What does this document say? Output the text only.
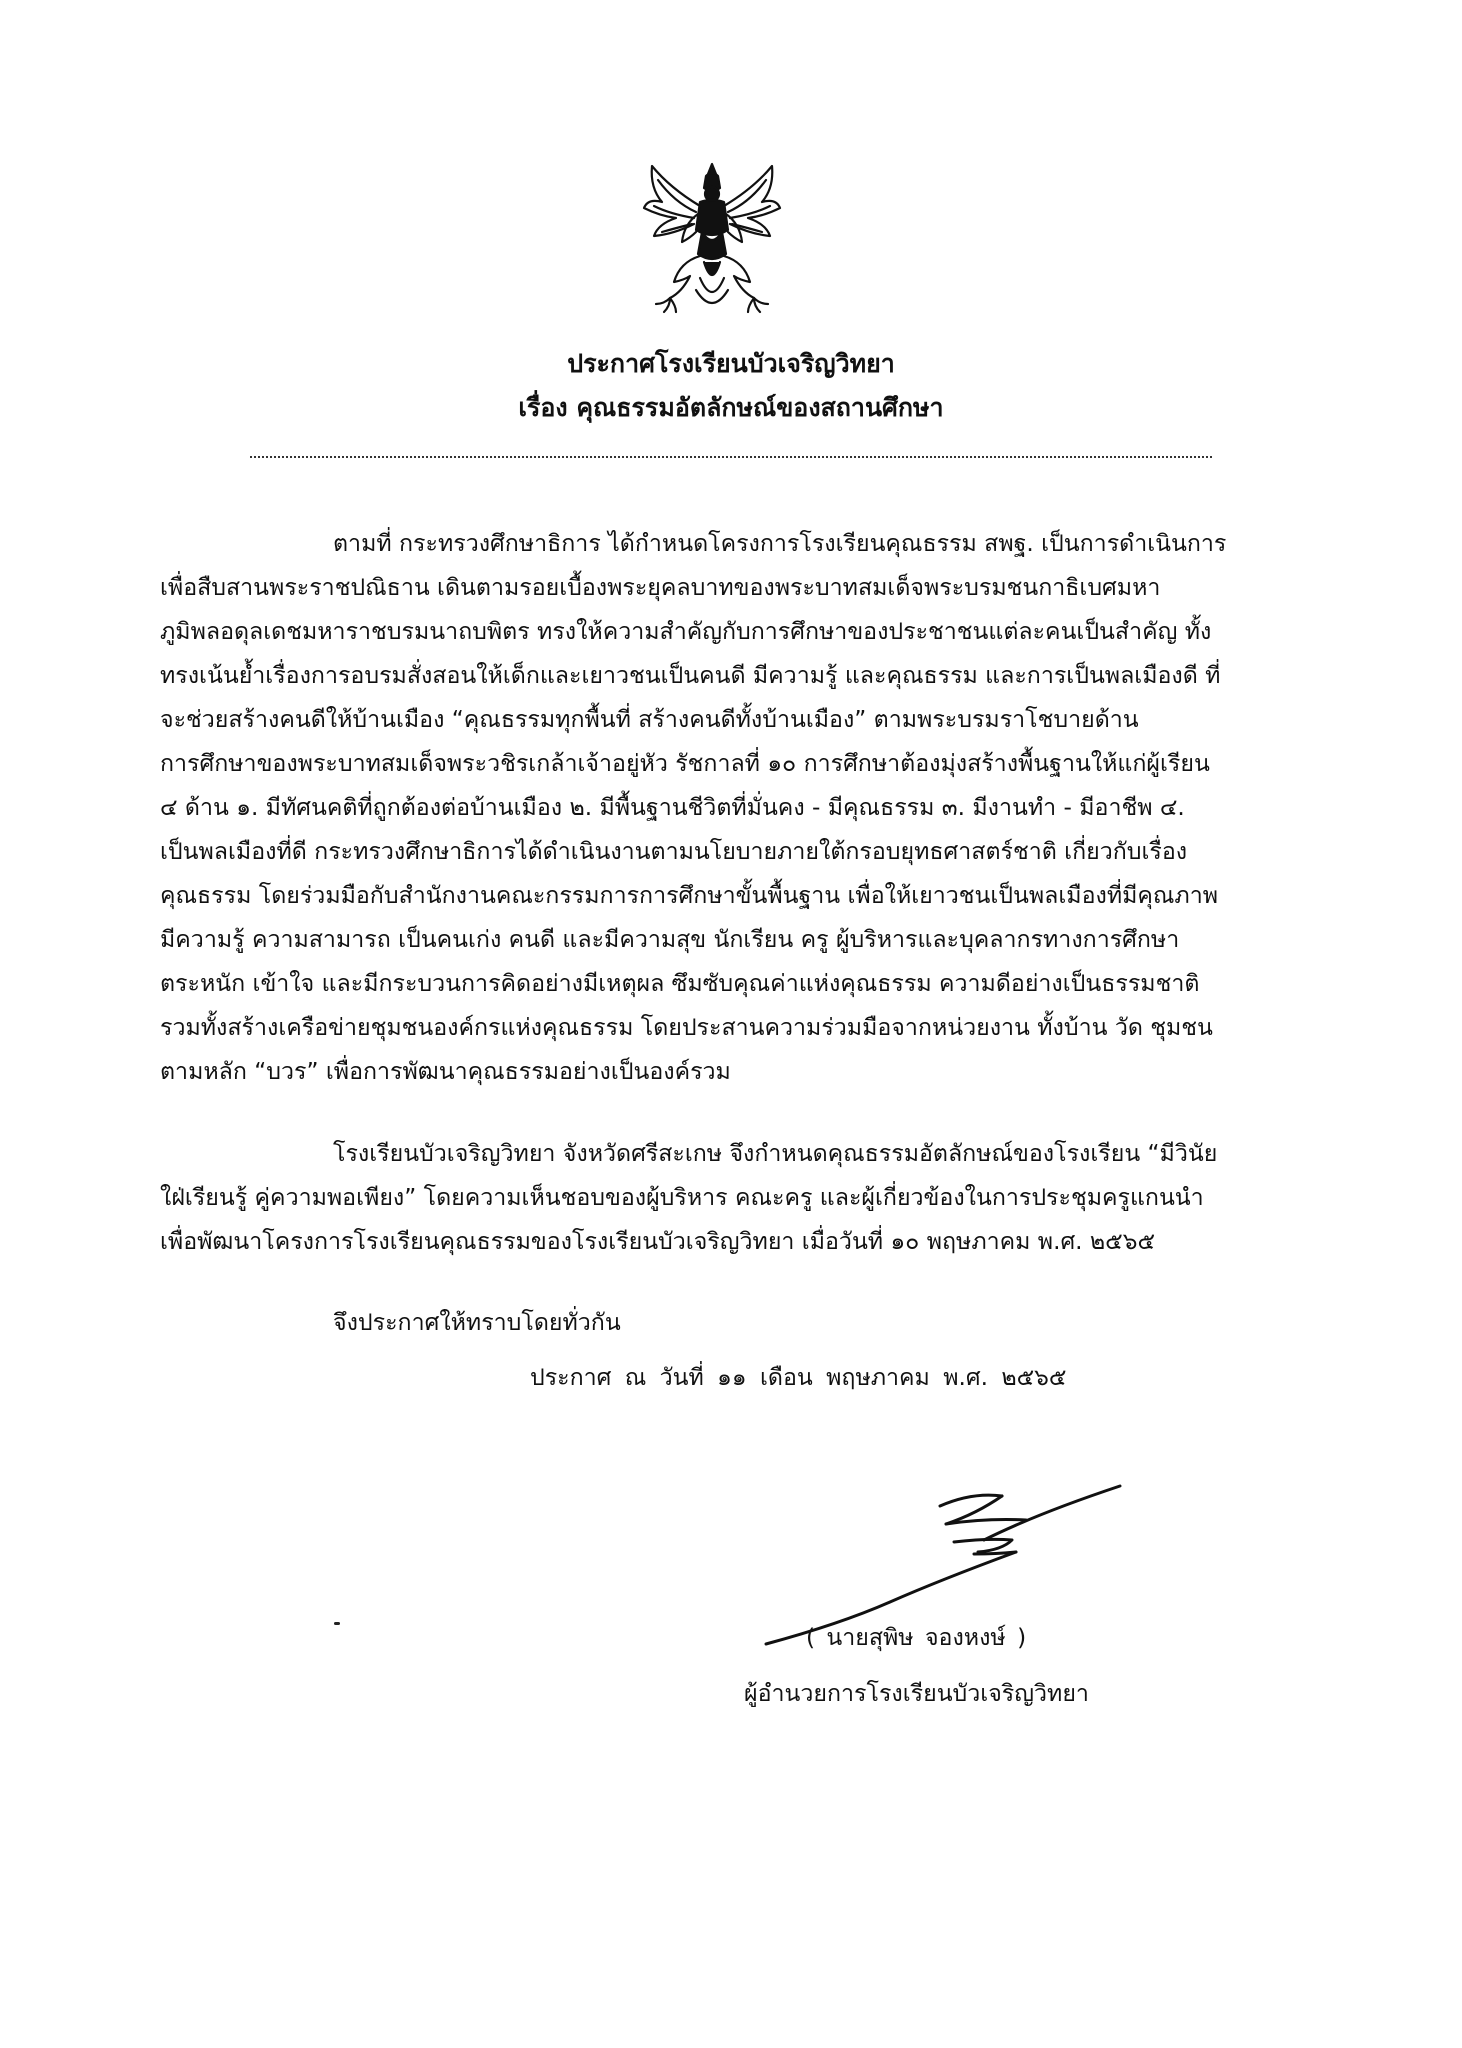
ประกาศโรงเรียนบัวเจริญวิทยา
เรื่อง คุณธรรมอัตลักษณ์ของสถานศึกษา
ตามที่ กระทรวงศึกษาธิการ ได้กำหนดโครงการโรงเรียนคุณธรรม สพฐ. เป็นการดำเนินการ
เพื่อสืบสานพระราชปณิธาน เดินตามรอยเบื้องพระยุคลบาทของพระบาทสมเด็จพระบรมชนกาธิเบศมหา
ภูมิพลอดุลเดชมหาราชบรมนาถบพิตร ทรงให้ความสำคัญกับการศึกษาของประชาชนแต่ละคนเป็นสำคัญ ทั้ง
ทรงเน้นย้ำเรื่องการอบรมสั่งสอนให้เด็กและเยาวชนเป็นคนดี มีความรู้ และคุณธรรม และการเป็นพลเมืองดี ที่
จะช่วยสร้างคนดีให้บ้านเมือง “คุณธรรมทุกพื้นที่ สร้างคนดีทั้งบ้านเมือง” ตามพระบรมราโชบายด้าน
การศึกษาของพระบาทสมเด็จพระวชิรเกล้าเจ้าอยู่หัว รัชกาลที่ ๑๐ การศึกษาต้องมุ่งสร้างพื้นฐานให้แก่ผู้เรียน
๔ ด้าน ๑. มีทัศนคติที่ถูกต้องต่อบ้านเมือง ๒. มีพื้นฐานชีวิตที่มั่นคง - มีคุณธรรม ๓. มีงานทำ - มีอาชีพ ๔.
เป็นพลเมืองที่ดี กระทรวงศึกษาธิการได้ดำเนินงานตามนโยบายภายใต้กรอบยุทธศาสตร์ชาติ เกี่ยวกับเรื่อง
คุณธรรม โดยร่วมมือกับสำนักงานคณะกรรมการการศึกษาขั้นพื้นฐาน เพื่อให้เยาวชนเป็นพลเมืองที่มีคุณภาพ
มีความรู้ ความสามารถ เป็นคนเก่ง คนดี และมีความสุข นักเรียน ครู ผู้บริหารและบุคลากรทางการศึกษา
ตระหนัก เข้าใจ และมีกระบวนการคิดอย่างมีเหตุผล ซึมซับคุณค่าแห่งคุณธรรม ความดีอย่างเป็นธรรมชาติ
รวมทั้งสร้างเครือข่ายชุมชนองค์กรแห่งคุณธรรม โดยประสานความร่วมมือจากหน่วยงาน ทั้งบ้าน วัด ชุมชน
ตามหลัก “บวร” เพื่อการพัฒนาคุณธรรมอย่างเป็นองค์รวม
โรงเรียนบัวเจริญวิทยา จังหวัดศรีสะเกษ จึงกำหนดคุณธรรมอัตลักษณ์ของโรงเรียน “มีวินัย
ใฝ่เรียนรู้ คู่ความพอเพียง” โดยความเห็นชอบของผู้บริหาร คณะครู และผู้เกี่ยวข้องในการประชุมครูแกนนำ
เพื่อพัฒนาโครงการโรงเรียนคุณธรรมของโรงเรียนบัวเจริญวิทยา เมื่อวันที่ ๑๐ พฤษภาคม พ.ศ. ๒๕๖๕
จึงประกาศให้ทราบโดยทั่วกัน
ประกาศ ณ วันที่ ๑๑ เดือน พฤษภาคม พ.ศ. ๒๕๖๕
( นายสุพิษ จองหงษ์ )
ผู้อำนวยการโรงเรียนบัวเจริญวิทยา
